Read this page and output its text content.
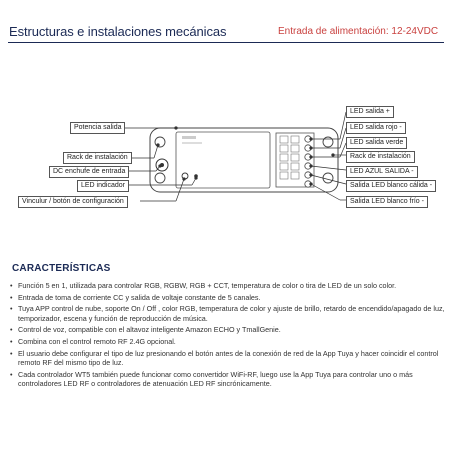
Estructuras e instalaciones mecánicas	Entrada de alimentación: 12-24VDC
Potencia salida
Rack de instalación
DC enchufe de entrada
LED indicador
Vinculur / botón de configuración
LED salida +
LED salida rojo -
LED salida verde
Rack de instalación
LED AZUL SALIDA -
Salida LED blanco cálida -
Salida LED blanco frío -
CARACTERÍSTICAS
• Función 5 en 1, utilizada para controlar RGB, RGBW, RGB + CCT, temperatura de color o tira de LED de un solo color.
• Entrada de toma de corriente CC y salida de voltaje constante de 5 canales.
• Tuya APP control de nube, soporte On / Off , color RGB, temperatura de color y ajuste de brillo, retardo de encendido/apagado de luz, temporizador, escena y función de reproducción de música.
• Control de voz, compatible con el altavoz inteligente Amazon ECHO y TmallGenie.
• Combina con el control remoto RF 2.4G opcional.
• El usuario debe configurar el tipo de luz presionando el botón antes de la conexión de red de la App Tuya y hacer coincidir el control remoto RF del mismo tipo de luz.
• Cada controlador WT5 también puede funcionar como convertidor WiFi-RF, luego use la App Tuya para controlar uno o más controladores LED RF o controladores de atenuación LED RF sincrónicamente.
